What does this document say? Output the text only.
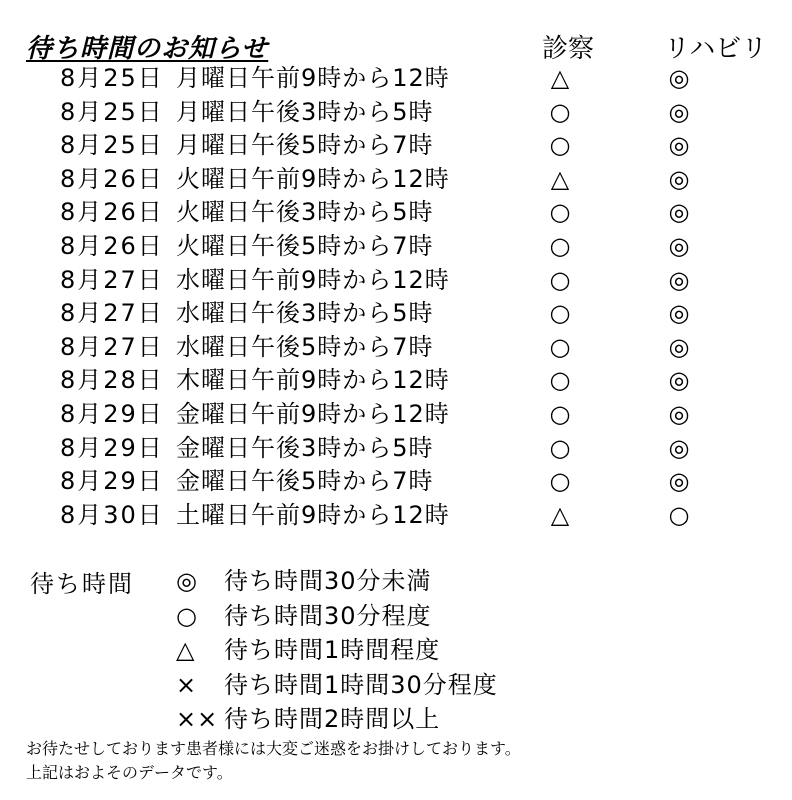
待ち時間のお知らせ	診察	リハビリ
8月25日 月曜日午前9時から12時	△	◎
8月25日 月曜日午後3時から5時	○	◎
8月25日 月曜日午後5時から7時	○	◎
8月26日 火曜日午前9時から12時	△	◎
8月26日 火曜日午後3時から5時	○	◎
8月26日 火曜日午後5時から7時	○	◎
8月27日 水曜日午前9時から12時	○	◎
8月27日 水曜日午後3時から5時	○	◎
8月27日 水曜日午後5時から7時	○	◎
8月28日 木曜日午前9時から12時	○	◎
8月29日 金曜日午前9時から12時	○	◎
8月29日 金曜日午後3時から5時	○	◎
8月29日 金曜日午後5時から7時	○	◎
8月30日 土曜日午前9時から12時	△	○
待ち時間 ◎ 待ち時間30分未満
○ 待ち時間30分程度
△ 待ち時間1時間程度
× 待ち時間1時間30分程度
×× 待ち時間2時間以上
お待たせしております患者様には大変ご迷惑をお掛けしております。
上記はおよそのデータです。
